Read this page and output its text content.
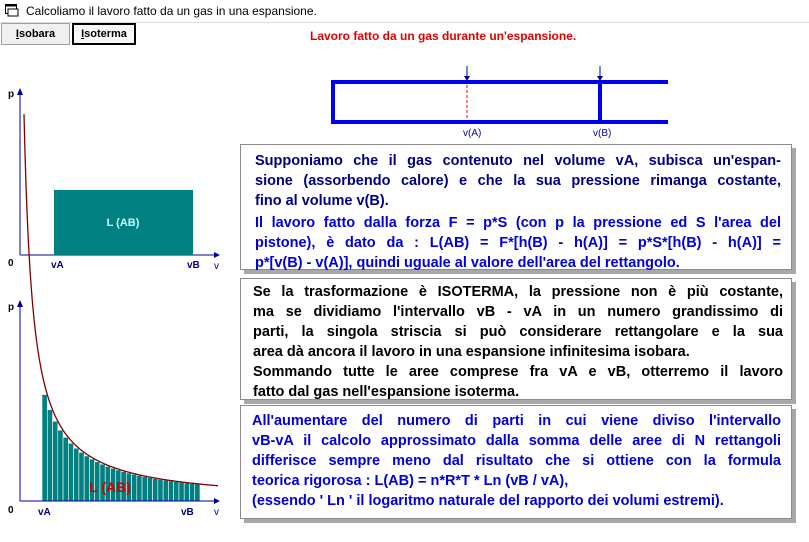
Calcoliamo il lavoro fatto da un gas in una espansione.
I sobara I soterma	Lavoro fatto da un gas durante un'espansione.
v(A)	v(B)
p
v
0
L (AB)
vA	vB
p
v
0
L (AB)
vA	vB

Supponiamo che il gas contenuto nel volume vA, subisca un'espan-

sione (assorbendo calore) e che la sua pressione rimanga costante,

fino al volume v(B).

Il lavoro fatto dalla forza F = p*S (con p la pressione ed S l'area del

pistone), è dato da : L(AB) = F*[h(B) - h(A)] = p*S*[h(B) - h(A)] =

p*[v(B) - v(A)], quindi uguale al valore dell'area del rettangolo.

Se la trasformazione è ISOTERMA, la pressione non è più costante,

ma se dividiamo l'intervallo vB - vA in un numero grandissimo di

parti, la singola striscia si può considerare rettangolare e la sua

area dà ancora il lavoro in una espansione infinitesima isobara.

Sommando tutte le aree comprese fra vA e vB, otterremo il lavoro

fatto dal gas nell'espansione isoterma.

All'aumentare del numero di parti in cui viene diviso l'intervallo

vB-vA il calcolo approssimato dalla somma delle aree di N rettangoli

differisce sempre meno dal risultato che si ottiene con la formula

teorica rigorosa : L(AB) = n*R*T * Ln (vB / vA),

(essendo ' Ln ' il logaritmo naturale del rapporto dei volumi estremi).
